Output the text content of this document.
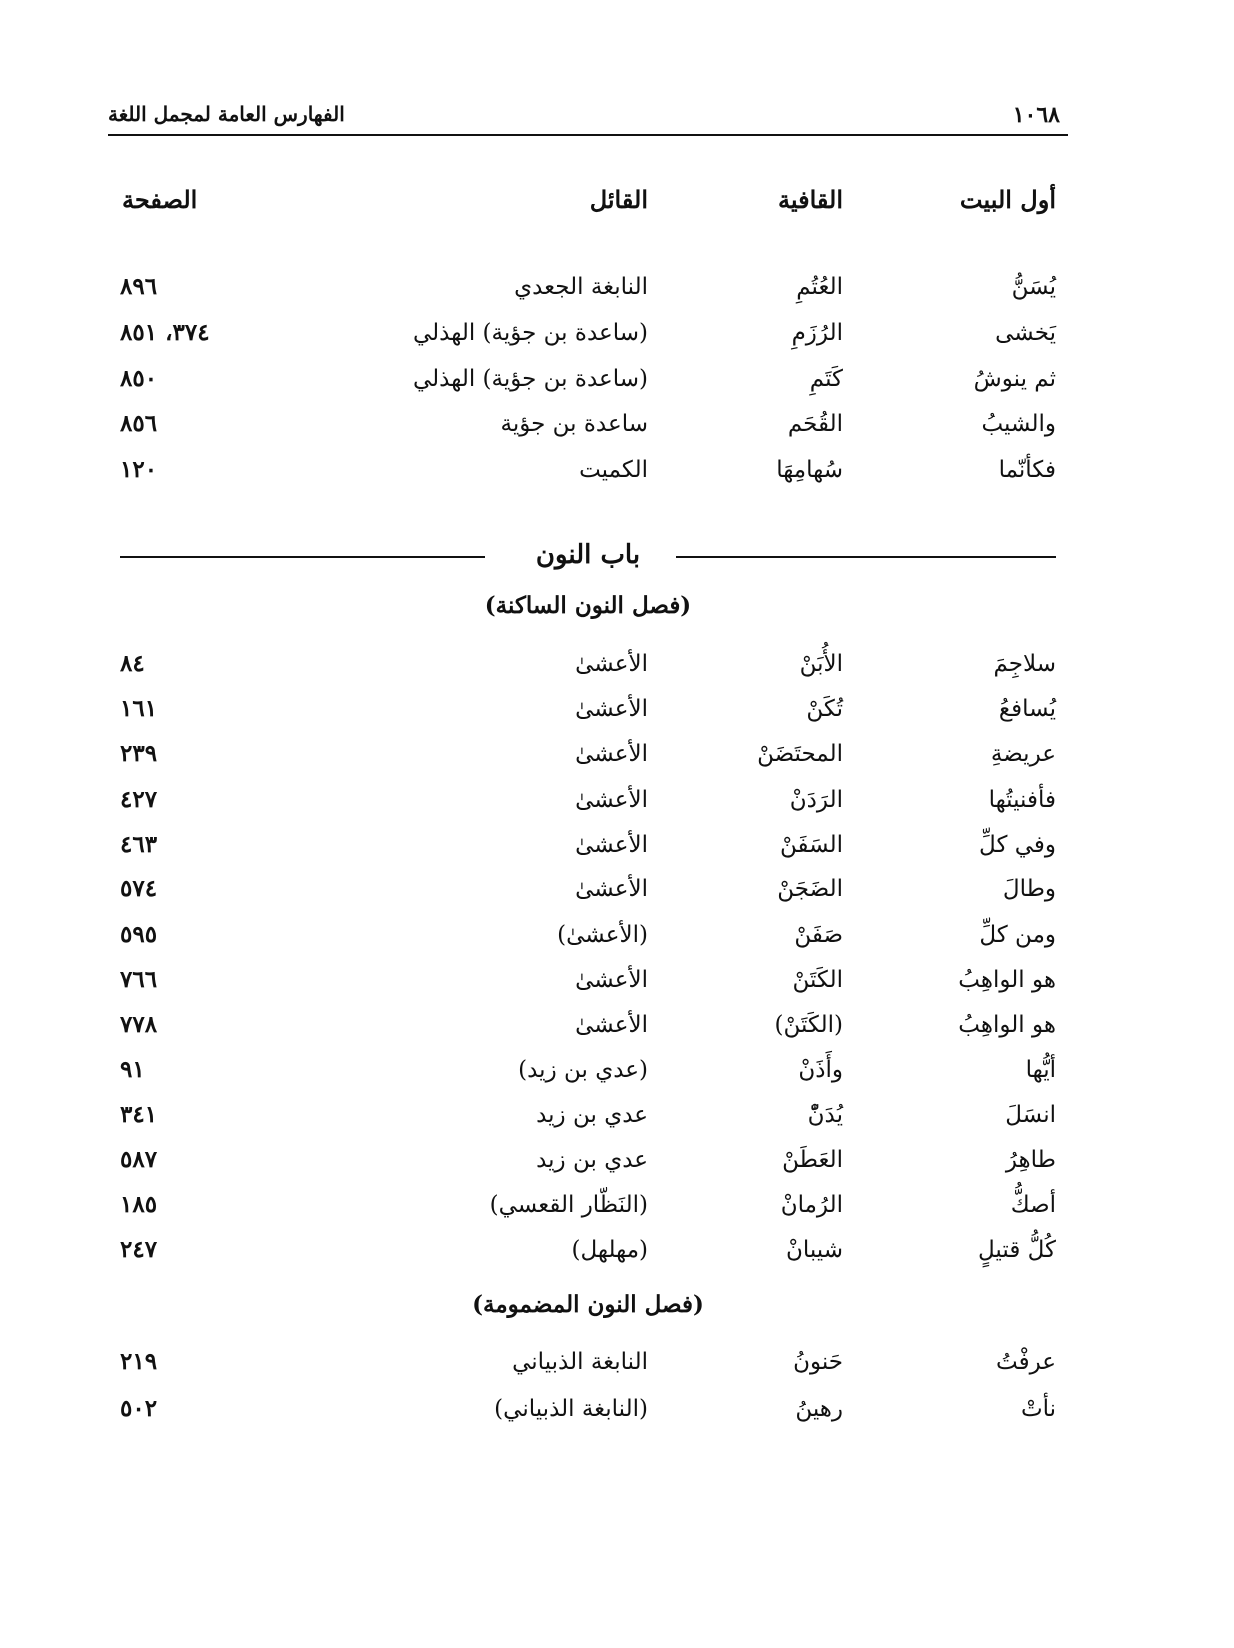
١٠٦٨
الفهارس العامة لمجمل اللغة
أول البيت
القافية
القائل
الصفحة
يُسَنُّ
العُتُمِ
النابغة الجعدي
٨٩٦
يَخشى
الرُزَمِ
(ساعدة بن جؤية) الهذلي
٣٧٤، ٨٥١
ثم ينوشُ
كَتَمِ
(ساعدة بن جؤية) الهذلي
٨٥٠
والشيبُ
القُحَم
ساعدة بن جؤية
٨٥٦
فكأنّما
سُهامِهَا
الكميت
١٢٠
باب النون
(فصل النون الساكنة)
سلاجِمَ
الأُبَنْ
الأعشىٰ
٨٤
يُسافعُ
تُكَنْ
الأعشىٰ
١٦١
عريضةِ
المحتَضَنْ
الأعشىٰ
٢٣٩
فأفنيتُها
الرَدَنْ
الأعشىٰ
٤٢٧
وفي كلِّ
السَفَنْ
الأعشىٰ
٤٦٣
وطالَ
الضَجَنْ
الأعشىٰ
٥٧٤
ومن كلِّ
صَفَنْ
(الأعشىٰ)
٥٩٥
هو الواهِبُ
الكَتَنْ
الأعشىٰ
٧٦٦
هو الواهِبُ
(الكَتَنْ)
الأعشىٰ
٧٧٨
أيُّها
وأَذَنْ
(عدي بن زيد)
٩١
انسَلَ
يُدَنّْ
عدي بن زيد
٣٤١
طاهِرُ
العَطَنْ
عدي بن زيد
٥٨٧
أصكُّ
الرُمانْ
(النَظّار القعسي)
١٨٥
كُلُّ قتيلٍ
شيبانْ
(مهلهل)
٢٤٧
(فصل النون المضمومة)
عرفْتُ
حَنونُ
النابغة الذبياني
٢١٩
نأتْ
رهينُ
(النابغة الذبياني)
٥٠٢
